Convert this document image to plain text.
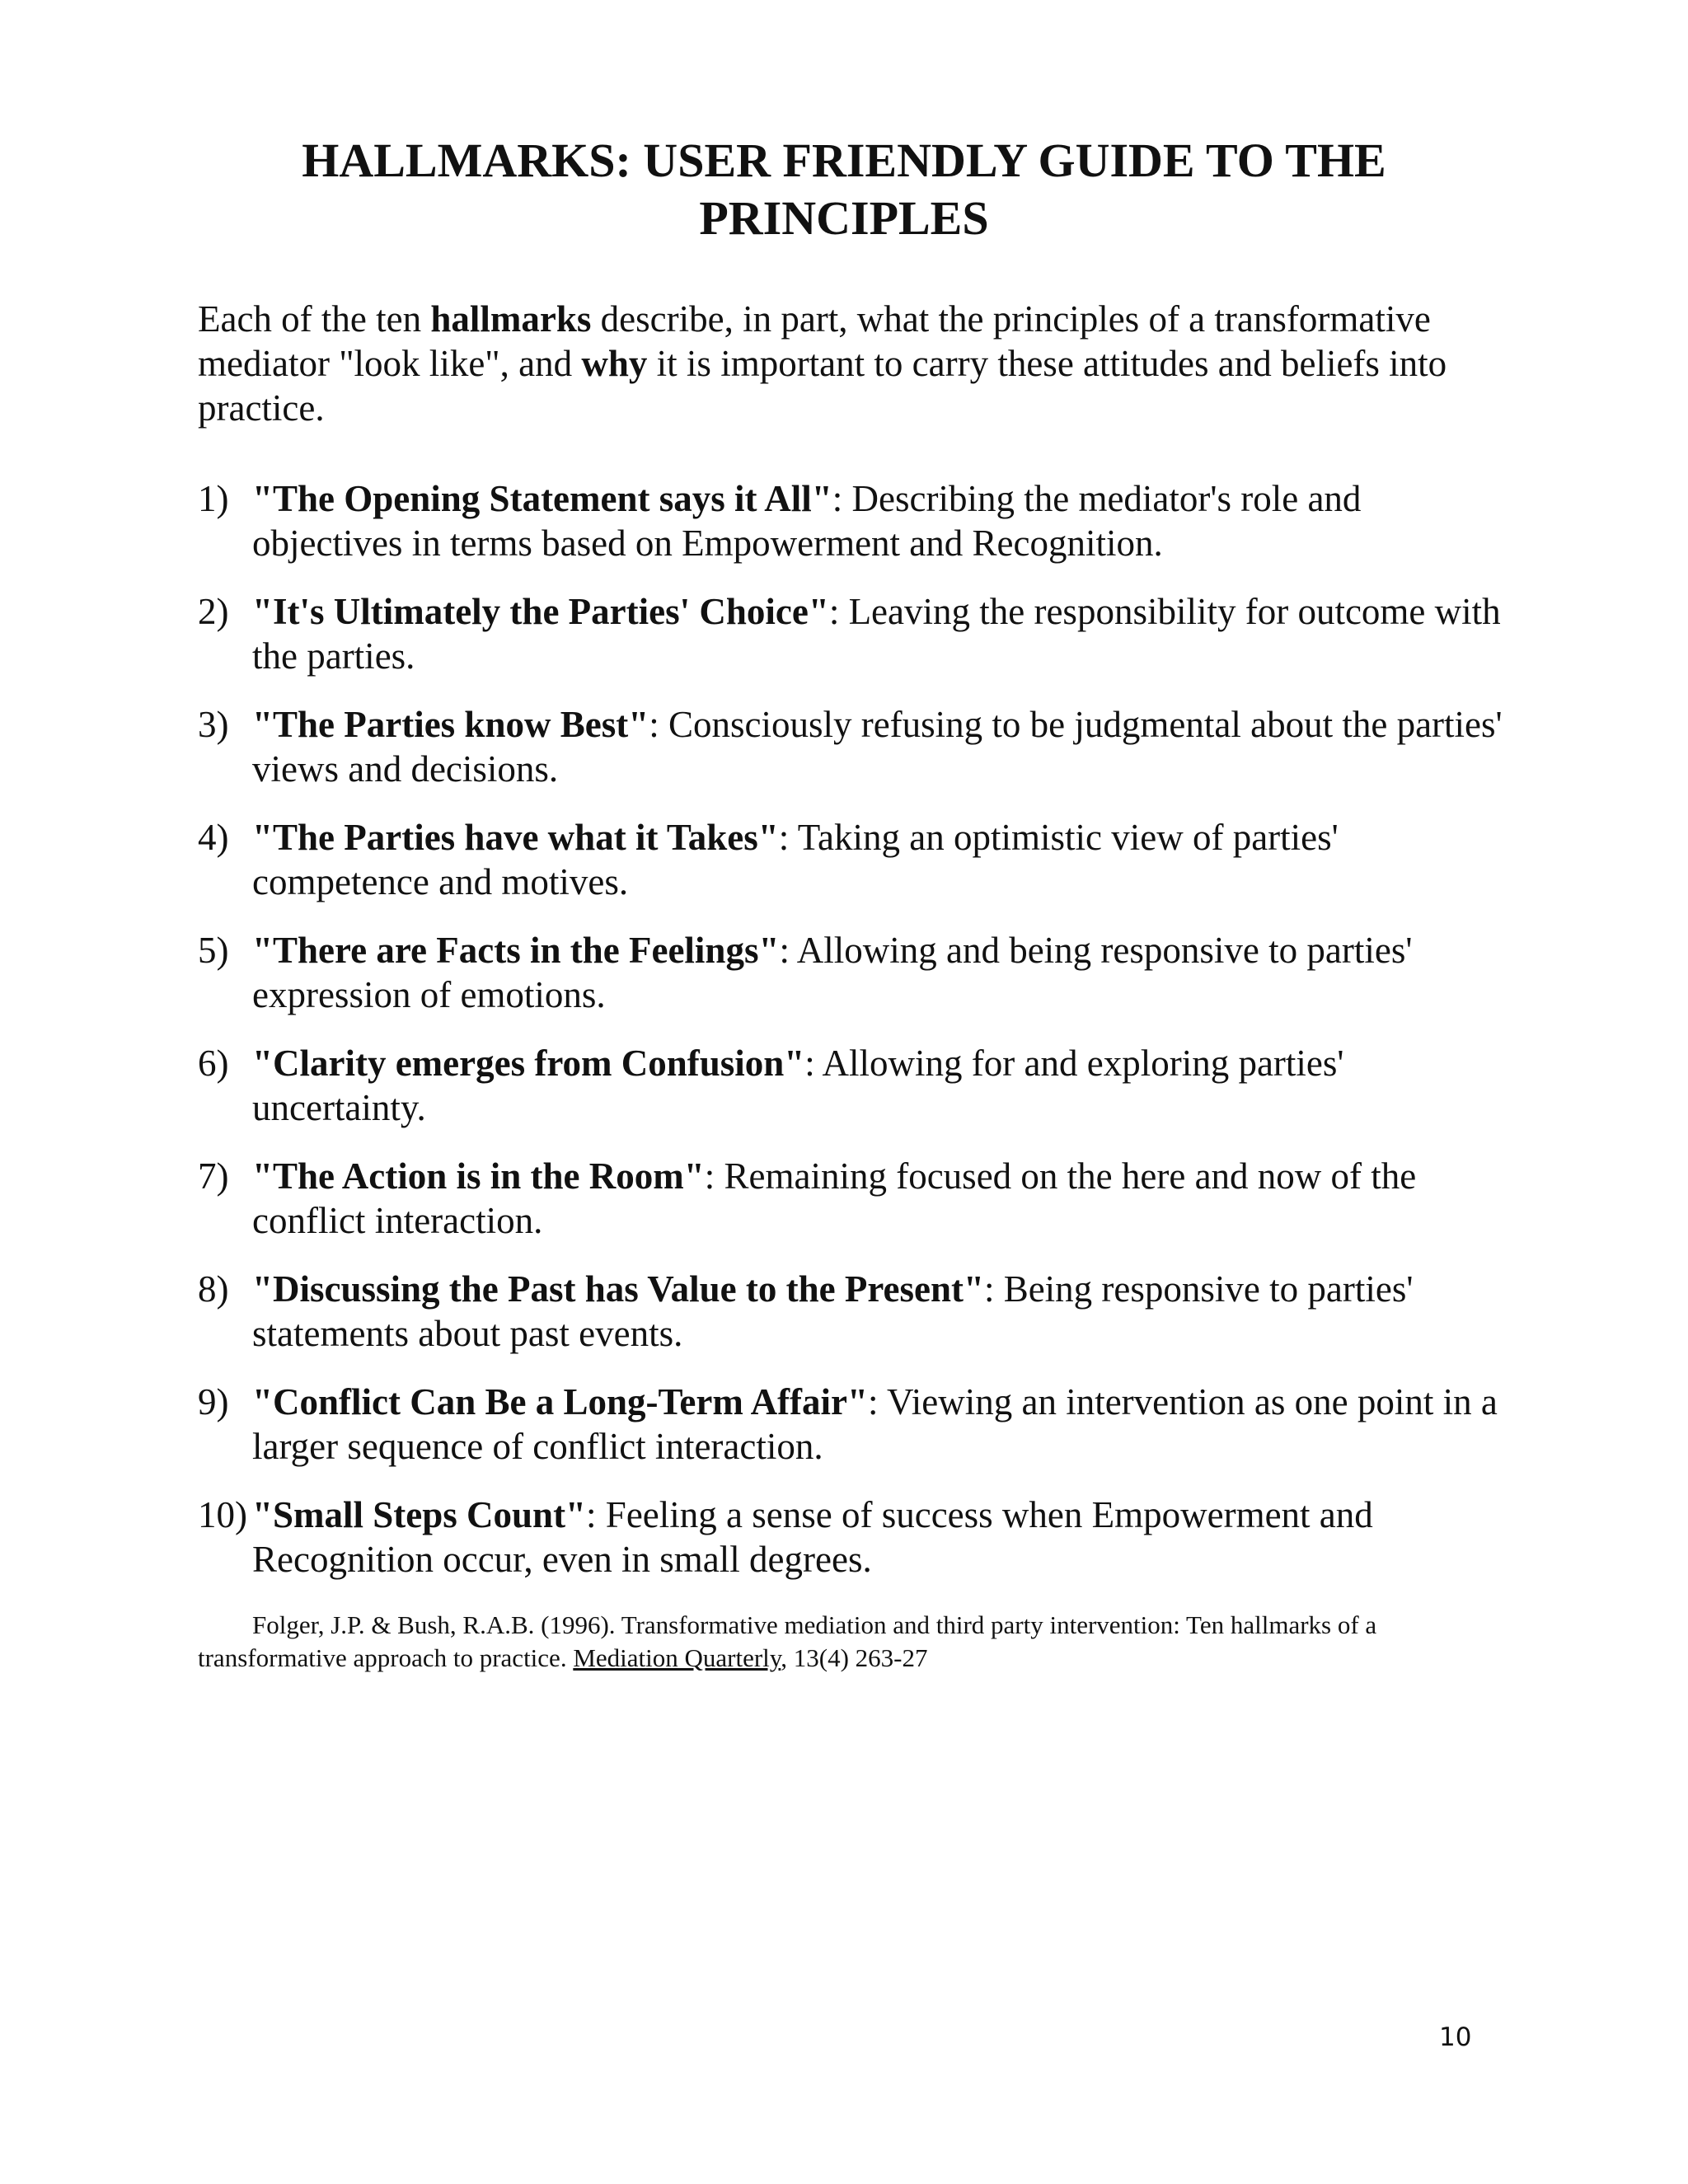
HALLMARKS: USER FRIENDLY GUIDE TO THE
PRINCIPLES

Each of the ten hallmarks describe, in part, what the principles of a transformative mediator "look like", and why it is important to carry these attitudes and beliefs into practice.

1) "The Opening Statement says it All": Describing the mediator's role and objectives in terms based on Empowerment and Recognition.
2) "It's Ultimately the Parties' Choice": Leaving the responsibility for outcome with the parties.
3) "The Parties know Best": Consciously refusing to be judgmental about the parties' views and decisions.
4) "The Parties have what it Takes": Taking an optimistic view of parties' competence and motives.
5) "There are Facts in the Feelings": Allowing and being responsive to parties' expression of emotions.
6) "Clarity emerges from Confusion": Allowing for and exploring parties' uncertainty.
7) "The Action is in the Room": Remaining focused on the here and now of the conflict interaction.
8) "Discussing the Past has Value to the Present": Being responsive to parties' statements about past events.
9) "Conflict Can Be a Long-Term Affair": Viewing an intervention as one point in a larger sequence of conflict interaction.
10) "Small Steps Count": Feeling a sense of success when Empowerment and Recognition occur, even in small degrees.

Folger, J.P. & Bush, R.A.B. (1996). Transformative mediation and third party intervention: Ten hallmarks of a transformative approach to practice. Mediation Quarterly, 13(4) 263-27

10
